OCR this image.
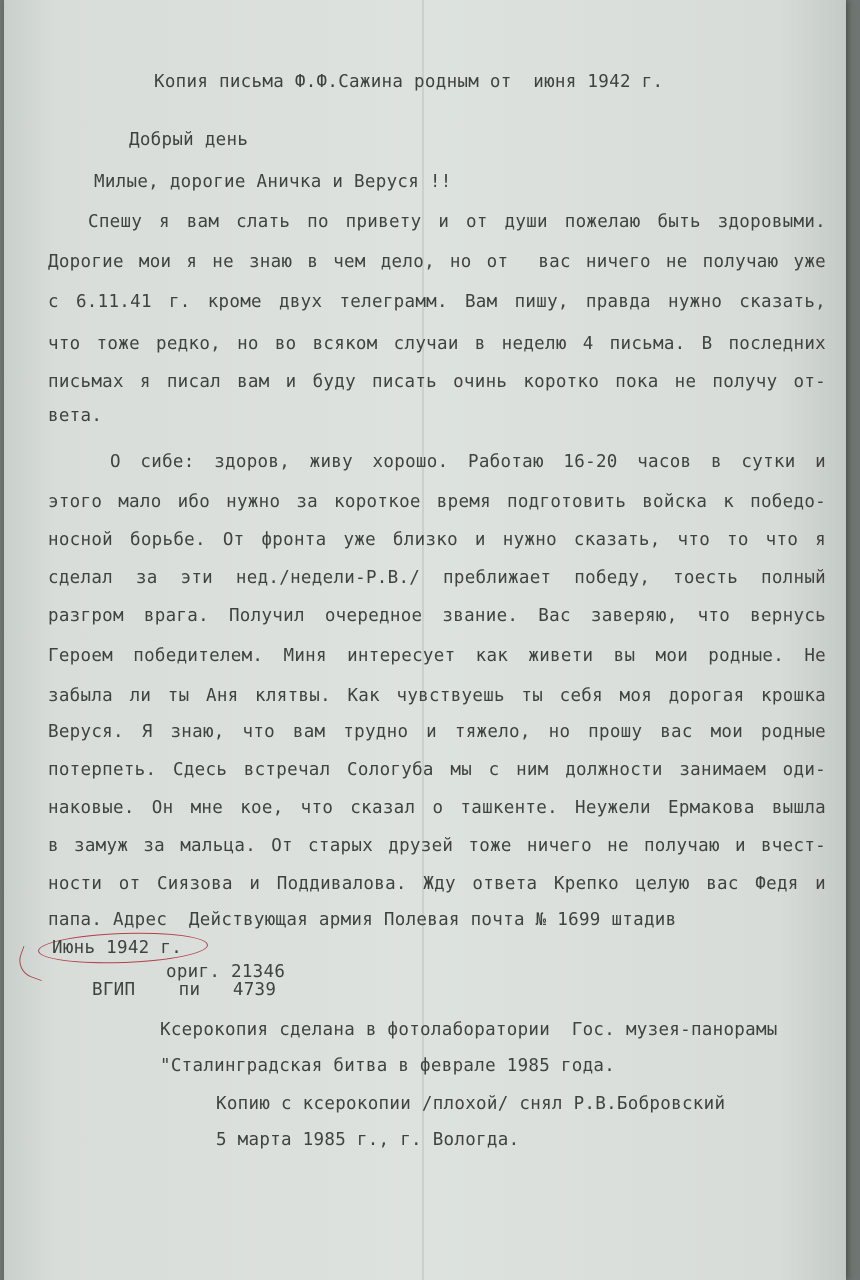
Копия письма Ф.Ф.Сажина родным от  июня 1942 г.

Добрый день

Милые, дорогие Аничка и Веруся !!

Спешу я вам слать по привету и от души пожелаю быть здоровыми.

Дорогие мои я не знаю в чем дело, но от  вас ничего не получаю уже

с 6.11.41 г. кроме двух телеграмм. Вам пишу, правда нужно сказать,

что тоже редко, но во всяком случаи в неделю 4 письма. В последних

письмах я писал вам и буду писать очинь коротко пока не получу от-

вета.

О сибе: здоров, живу хорошо. Работаю 16-20 часов в сутки и

этого мало ибо нужно за короткое время подготовить войска к победо-

носной борьбе. От фронта уже близко и нужно сказать, что то что я

сделал за эти нед./недели-Р.В./ преближает победу, тоесть полный

разгром врага. Получил очередное звание. Вас заверяю, что вернусь

Героем победителем. Миня интересует как живети вы мои родные. Не

забыла ли ты Аня клятвы. Как чувствуешь ты себя моя дорогая крошка

Веруся. Я знаю, что вам трудно и тяжело, но прошу вас мои родные

потерпеть. Сдесь встречал Сологуба мы с ним должности занимаем оди-

наковые. Он мне кое, что сказал о ташкенте. Неужели Ермакова вышла

в замуж за мальца. От старых друзей тоже ничего не получаю и вчест-

ности от Сиязова и Поддивалова. Жду ответа Крепко целую вас Федя и

папа. Адрес  Действующая армия Полевая почта № 1699 штадив

Июнь 1942 г.

ориг. 21346

ВГИП    пи   4739

Ксерокопия сделана в фотолаборатории  Гос. музея-панорамы

"Сталинградская битва в феврале 1985 года.

Копию с ксерокопии /плохой/ снял Р.В.Бобровский

5 марта 1985 г., г. Вологда.
